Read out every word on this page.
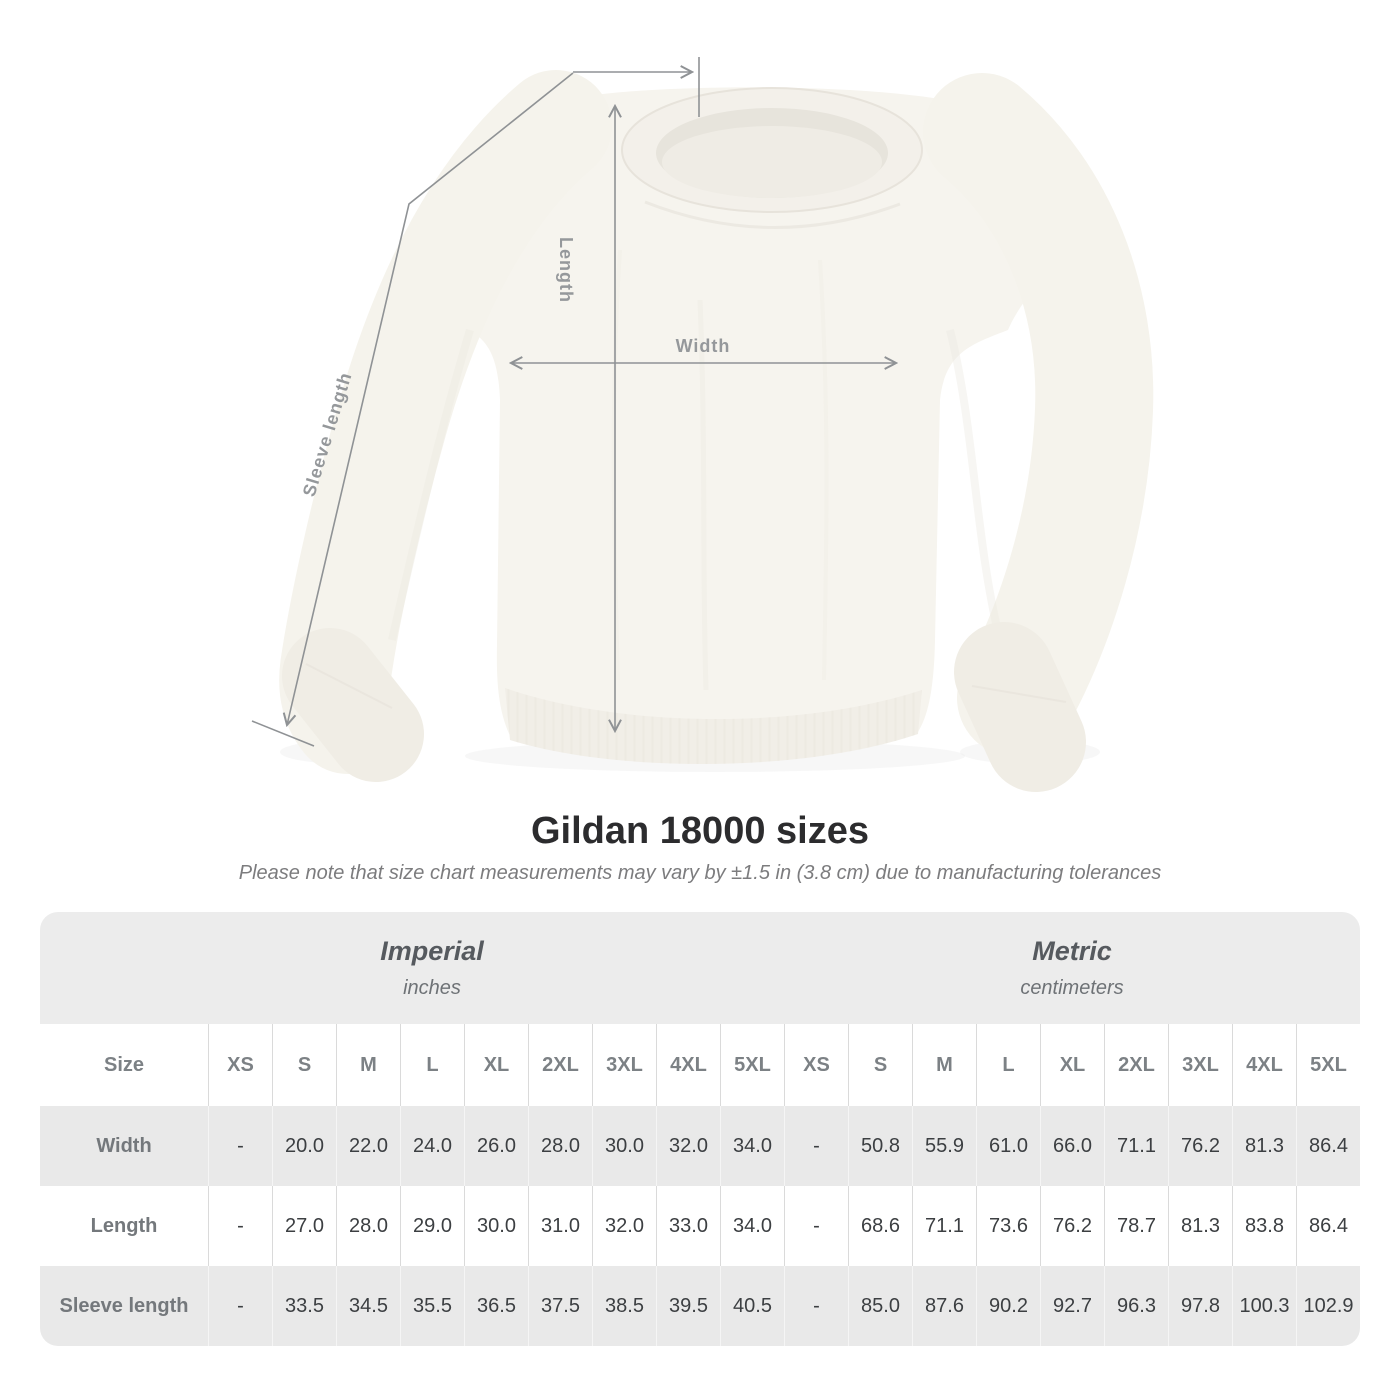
Width
Length
Sleeve length
Gildan 18000 sizes

Please note that size chart measurements may vary by ±1.5 in (3.8 cm) due to manufacturing tolerances

Imperial
inches
Metric
centimeters
Size	XS	S	M	L	XL	2XL	3XL	4XL	5XL	XS	S	M	L	XL	2XL	3XL	4XL	5XL
Width	-	20.0	22.0	24.0	26.0	28.0	30.0	32.0	34.0	-	50.8	55.9	61.0	66.0	71.1	76.2	81.3	86.4
Length	-	27.0	28.0	29.0	30.0	31.0	32.0	33.0	34.0	-	68.6	71.1	73.6	76.2	78.7	81.3	83.8	86.4
Sleeve length	-	33.5	34.5	35.5	36.5	37.5	38.5	39.5	40.5	-	85.0	87.6	90.2	92.7	96.3	97.8 100.3 102.9
